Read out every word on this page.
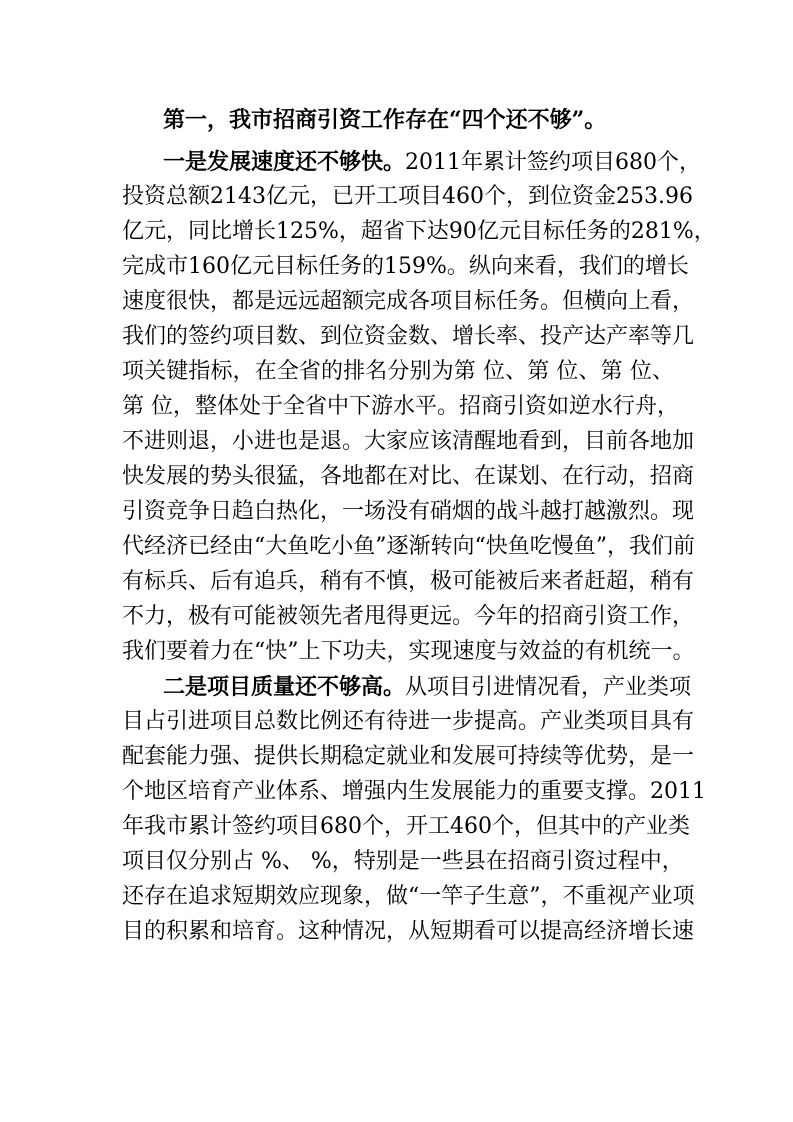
第一，我市招商引资工作存在“四个还不够”。
一是发展速度还不够快。2011年累计签约项目680个，
投资总额2143亿元，已开工项目460个，到位资金253.96
亿元，同比增长125%，超省下达90亿元目标任务的281%，
完成市160亿元目标任务的159%。纵向来看，我们的增长
速度很快，都是远远超额完成各项目标任务。但横向上看，
我们的签约项目数、到位资金数、增长率、投产达产率等几
项关键指标，在全省的排名分别为第 位、第 位、第 位、
第 位，整体处于全省中下游水平。招商引资如逆水行舟，
不进则退，小进也是退。大家应该清醒地看到，目前各地加
快发展的势头很猛，各地都在对比、在谋划、在行动，招商
引资竞争日趋白热化，一场没有硝烟的战斗越打越激烈。现
代经济已经由“大鱼吃小鱼”逐渐转向“快鱼吃慢鱼”，我们前
有标兵、后有追兵，稍有不慎，极可能被后来者赶超，稍有
不力，极有可能被领先者甩得更远。今年的招商引资工作，
我们要着力在“快”上下功夫，实现速度与效益的有机统一。
二是项目质量还不够高。从项目引进情况看，产业类项
目占引进项目总数比例还有待进一步提高。产业类项目具有
配套能力强、提供长期稳定就业和发展可持续等优势，是一
个地区培育产业体系、增强内生发展能力的重要支撑。2011
年我市累计签约项目680个，开工460个，但其中的产业类
项目仅分别占 %、 %，特别是一些县在招商引资过程中，
还存在追求短期效应现象，做“一竿子生意”，不重视产业项
目的积累和培育。这种情况，从短期看可以提高经济增长速
